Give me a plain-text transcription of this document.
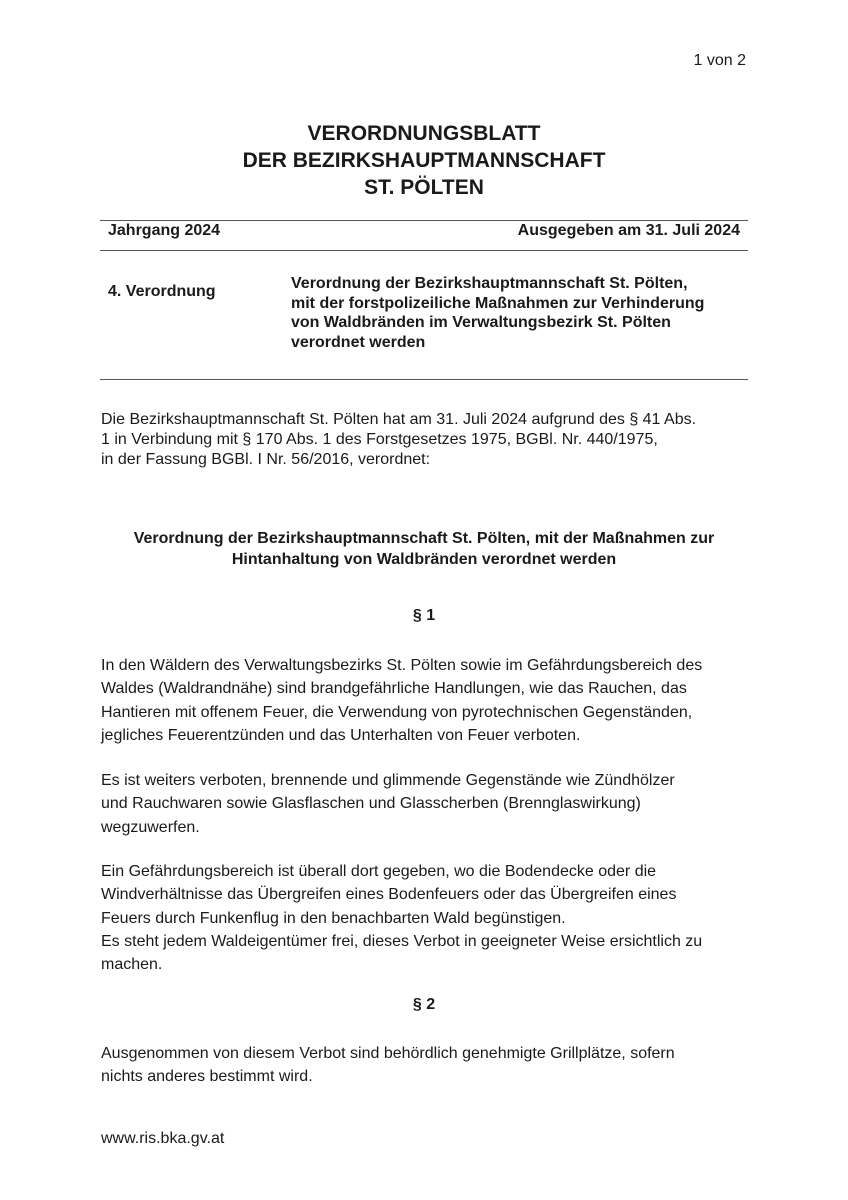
1 von 2
VERORDNUNGSBLATT
DER BEZIRKSHAUPTMANNSCHAFT
ST. PÖLTEN
Jahrgang 2024	Ausgegeben am 31. Juli 2024
4. Verordnung	Verordnung der Bezirkshauptmannschaft St. Pölten,
mit der forstpolizeiliche Maßnahmen zur Verhinderung
von Waldbränden im Verwaltungsbezirk St. Pölten
verordnet werden
Die Bezirkshauptmannschaft St. Pölten hat am 31. Juli 2024 aufgrund des § 41 Abs.
1 in Verbindung mit § 170 Abs. 1 des Forstgesetzes 1975, BGBl. Nr. 440/1975,
in der Fassung BGBl. I Nr. 56/2016, verordnet:
Verordnung der Bezirkshauptmannschaft St. Pölten, mit der Maßnahmen zur
Hintanhaltung von Waldbränden verordnet werden
§ 1
In den Wäldern des Verwaltungsbezirks St. Pölten sowie im Gefährdungsbereich des
Waldes (Waldrandnähe) sind brandgefährliche Handlungen, wie das Rauchen, das
Hantieren mit offenem Feuer, die Verwendung von pyrotechnischen Gegenständen,
jegliches Feuerentzünden und das Unterhalten von Feuer verboten.
Es ist weiters verboten, brennende und glimmende Gegenstände wie Zündhölzer
und Rauchwaren sowie Glasflaschen und Glasscherben (Brennglaswirkung)
wegzuwerfen.
Ein Gefährdungsbereich ist überall dort gegeben, wo die Bodendecke oder die
Windverhältnisse das Übergreifen eines Bodenfeuers oder das Übergreifen eines
Feuers durch Funkenflug in den benachbarten Wald begünstigen.
Es steht jedem Waldeigentümer frei, dieses Verbot in geeigneter Weise ersichtlich zu
machen.
§ 2
Ausgenommen von diesem Verbot sind behördlich genehmigte Grillplätze, sofern
nichts anderes bestimmt wird.
www.ris.bka.gv.at
